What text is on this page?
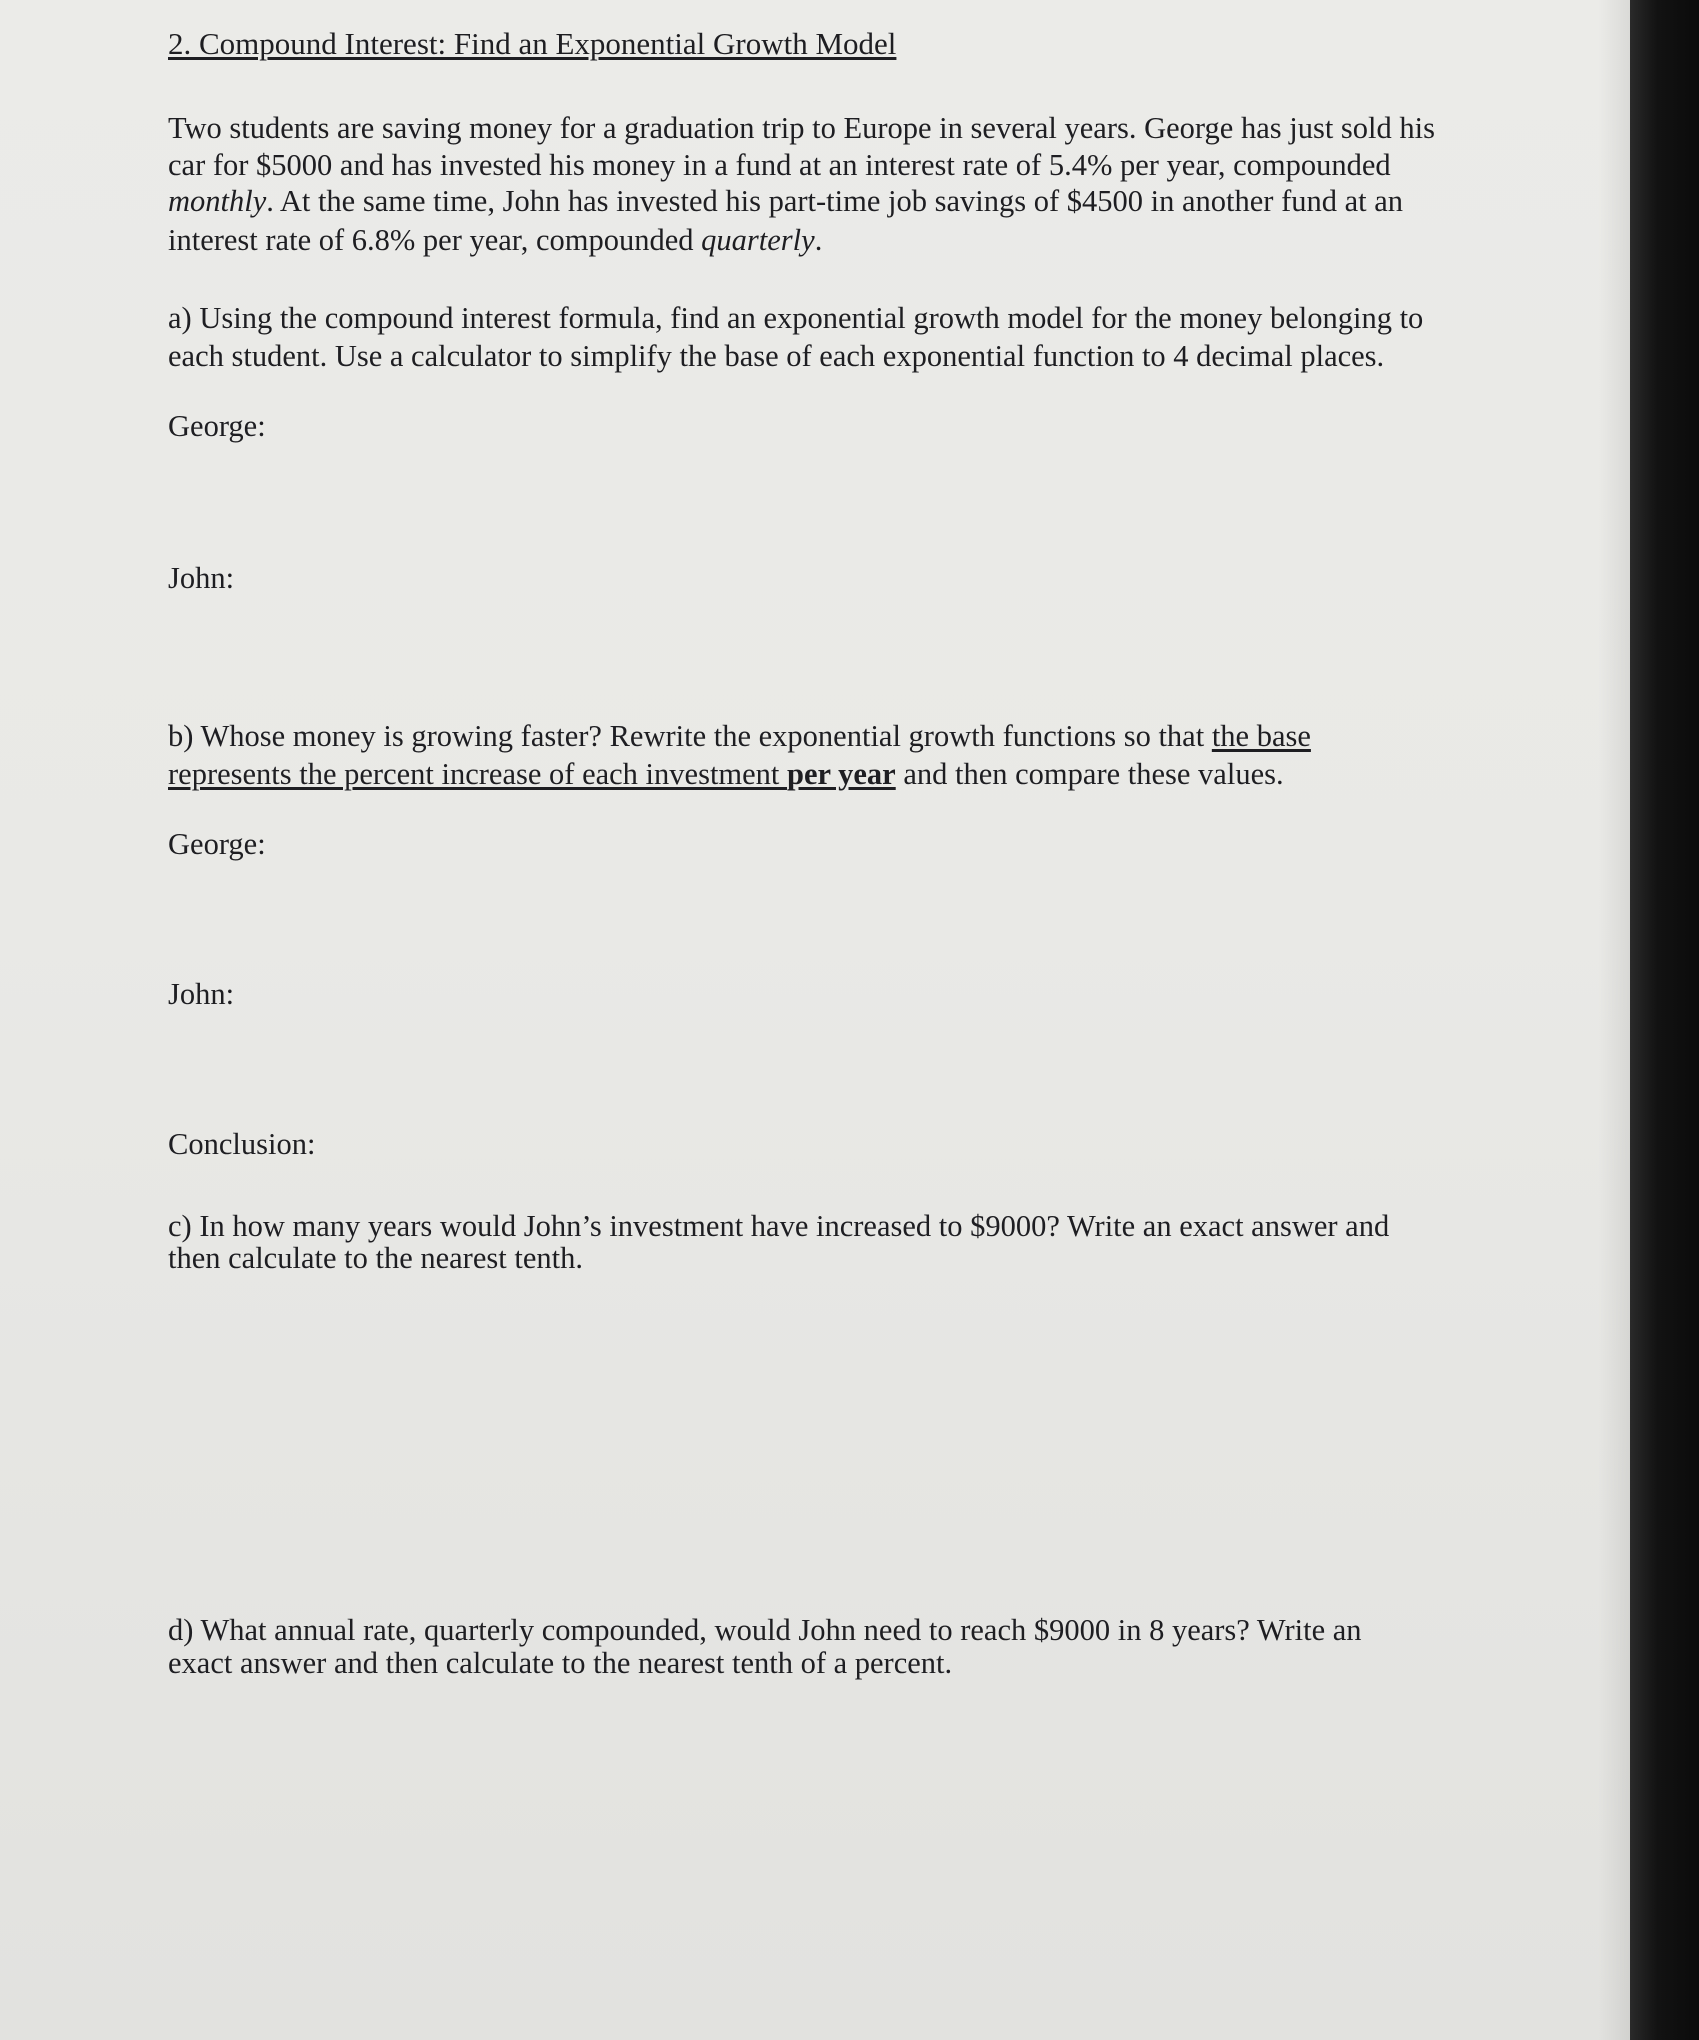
2. Compound Interest: Find an Exponential Growth Model
Two students are saving money for a graduation trip to Europe in several years. George has just sold his
car for $5000 and has invested his money in a fund at an interest rate of 5.4% per year, compounded
monthly. At the same time, John has invested his part-time job savings of $4500 in another fund at an
interest rate of 6.8% per year, compounded quarterly.
a) Using the compound interest formula, find an exponential growth model for the money belonging to
each student. Use a calculator to simplify the base of each exponential function to 4 decimal places.
George:
John:
b) Whose money is growing faster? Rewrite the exponential growth functions so that the base
represents the percent increase of each investment per year and then compare these values.
George:
John:
Conclusion:
c) In how many years would John’s investment have increased to $9000? Write an exact answer and
then calculate to the nearest tenth.
d) What annual rate, quarterly compounded, would John need to reach $9000 in 8 years? Write an
exact answer and then calculate to the nearest tenth of a percent.
